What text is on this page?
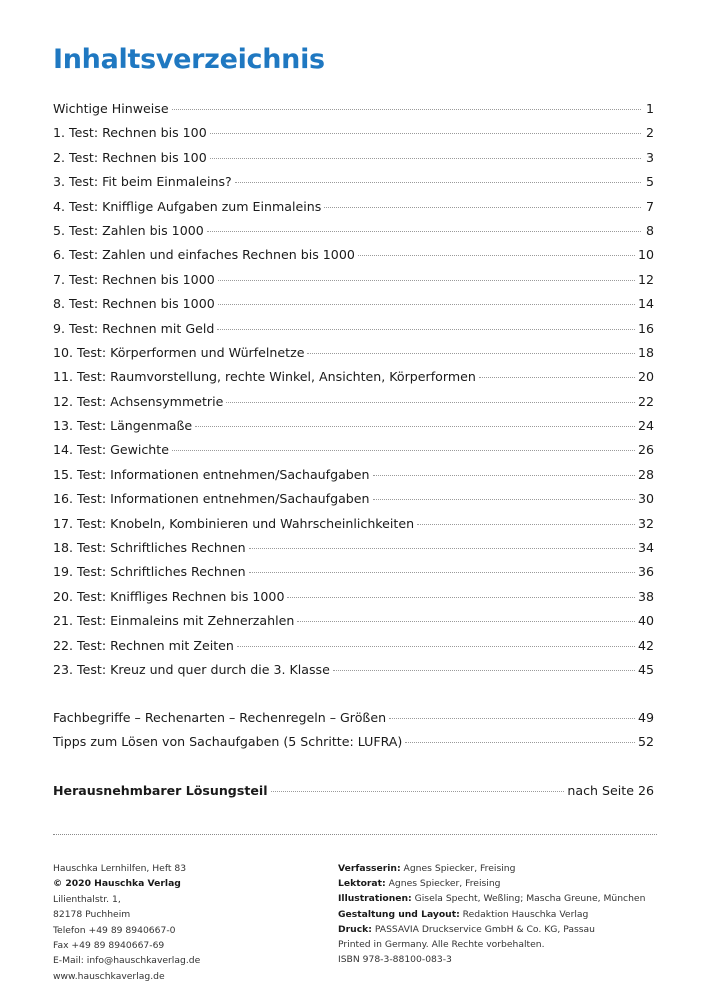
Inhaltsverzeichnis
Wichtige Hinweise	1
1. Test: Rechnen bis 100	2
2. Test: Rechnen bis 100	3
3. Test: Fit beim Einmaleins?	5
4. Test: Knifflige Aufgaben zum Einmaleins	7
5. Test: Zahlen bis 1000	8
6. Test: Zahlen und einfaches Rechnen bis 1000	10
7. Test: Rechnen bis 1000	12
8. Test: Rechnen bis 1000	14
9. Test: Rechnen mit Geld	16
10. Test: Körperformen und Würfelnetze	18
11. Test: Raumvorstellung, rechte Winkel, Ansichten, Körperformen	20
12. Test: Achsensymmetrie	22
13. Test: Längenmaße	24
14. Test: Gewichte	26
15. Test: Informationen entnehmen/Sachaufgaben	28
16. Test: Informationen entnehmen/Sachaufgaben	30
17. Test: Knobeln, Kombinieren und Wahrscheinlichkeiten	32
18. Test: Schriftliches Rechnen	34
19. Test: Schriftliches Rechnen	36
20. Test: Kniffliges Rechnen bis 1000	38
21. Test: Einmaleins mit Zehnerzahlen	40
22. Test: Rechnen mit Zeiten	42
23. Test: Kreuz und quer durch die 3. Klasse	45
Fachbegriffe – Rechenarten – Rechenregeln – Größen	49
Tipps zum Lösen von Sachaufgaben (5 Schritte: LUFRA)	52
Herausnehmbarer Lösungsteil	nach Seite 26
Hauschka Lernhilfen, Heft 83
© 2020 Hauschka Verlag
Lilienthalstr. 1,
82178 Puchheim
Telefon +49 89 8940667-0
Fax +49 89 8940667-69
E-Mail: info@hauschkaverlag.de
www.hauschkaverlag.de
Verfasserin: Agnes Spiecker, Freising
Lektorat: Agnes Spiecker, Freising
Illustrationen: Gisela Specht, Weßling; Mascha Greune, München
Gestaltung und Layout: Redaktion Hauschka Verlag
Druck: PASSAVIA Druckservice GmbH & Co. KG, Passau
Printed in Germany. Alle Rechte vorbehalten.
ISBN 978-3-88100-083-3
